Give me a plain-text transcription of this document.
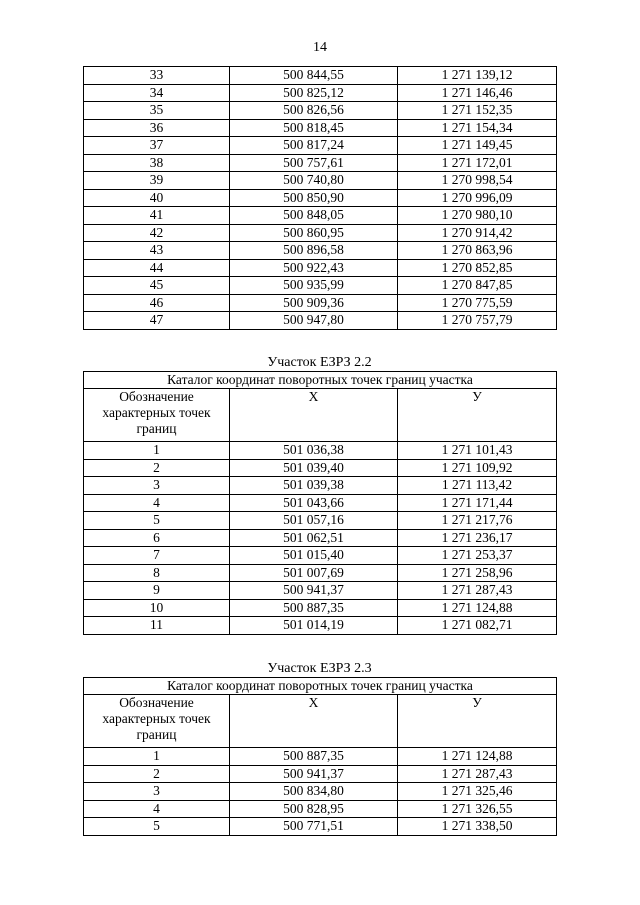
14
33	500 844,55	1 271 139,12
34	500 825,12	1 271 146,46
35	500 826,56	1 271 152,35
36	500 818,45	1 271 154,34
37	500 817,24	1 271 149,45
38	500 757,61	1 271 172,01
39	500 740,80	1 270 998,54
40	500 850,90	1 270 996,09
41	500 848,05	1 270 980,10
42	500 860,95	1 270 914,42
43	500 896,58	1 270 863,96
44	500 922,43	1 270 852,85
45	500 935,99	1 270 847,85
46	500 909,36	1 270 775,59
47	500 947,80	1 270 757,79
Участок ЕЗРЗ 2.2
Каталог координат поворотных точек границ участка		
Обозначение характерных точек границ	Х	У
1	501 036,38	1 271 101,43
2	501 039,40	1 271 109,92
3	501 039,38	1 271 113,42
4	501 043,66	1 271 171,44
5	501 057,16	1 271 217,76
6	501 062,51	1 271 236,17
7	501 015,40	1 271 253,37
8	501 007,69	1 271 258,96
9	500 941,37	1 271 287,43
10	500 887,35	1 271 124,88
11	501 014,19	1 271 082,71
Участок ЕЗРЗ 2.3
Каталог координат поворотных точек границ участка		
Обозначение характерных точек границ	Х	У
1	500 887,35	1 271 124,88
2	500 941,37	1 271 287,43
3	500 834,80	1 271 325,46
4	500 828,95	1 271 326,55
5	500 771,51	1 271 338,50
